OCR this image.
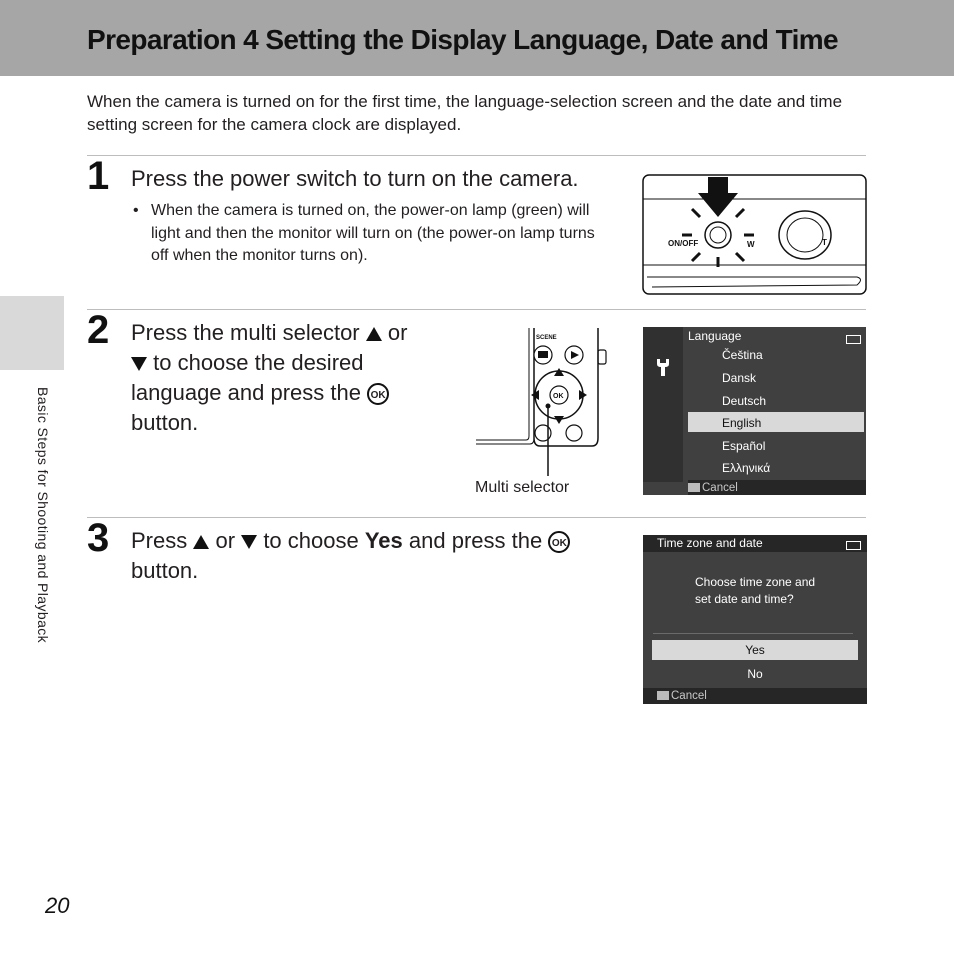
Preparation 4 Setting the Display Language, Date and Time
When the camera is turned on for the first time, the language-selection screen and the date and time setting screen for the camera clock are displayed.
1 Press the power switch to turn on the camera.
• When the camera is turned on, the power-on lamp (green) will light and then the monitor will turn on (the power-on lamp turns off when the monitor turns on).
ON/OFF	T
W
2 Press the multi selector or
to choose the desired
language and press the OK
button.
SCENE
OK
Multi selector
Language
Čeština
Dansk
Deutsch
English
Español
Ελληνικά
Cancel
3 Press or to choose Yes and press the OK
button.
Time zone and date
Choose time zone and
set date and time?
Yes
No
Cancel
Basic Steps for Shooting and Playback
20
